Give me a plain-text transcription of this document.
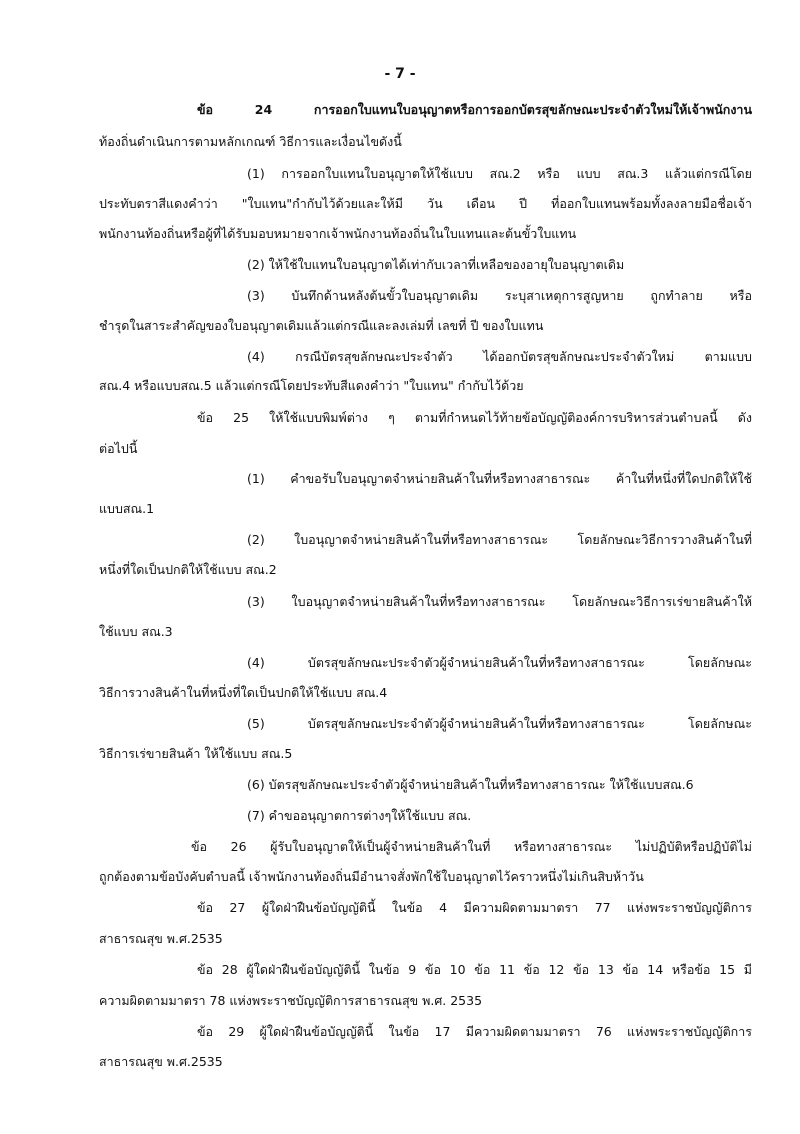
- 7 -
ข้อ 24 การออกใบแทนใบอนุญาตหรือการออกบัตรสุขลักษณะประจำตัวใหม่ให้เจ้าพนักงาน
ท้องถิ่นดำเนินการตามหลักเกณฑ์ วิธีการและเงื่อนไขดังนี้
(1) การออกใบแทนใบอนุญาตให้ใช้แบบ สณ.2 หรือ แบบ สณ.3 แล้วแต่กรณีโดย
ประทับตราสีแดงคำว่า "ใบแทน"กำกับไว้ด้วยและให้มี วัน เดือน ปี ที่ออกใบแทนพร้อมทั้งลงลายมือชื่อเจ้า
พนักงานท้องถิ่นหรือผู้ที่ได้รับมอบหมายจากเจ้าพนักงานท้องถิ่นในใบแทนและต้นขั้วใบแทน
(2) ให้ใช้ใบแทนใบอนุญาตได้เท่ากับเวลาที่เหลือของอายุใบอนุญาตเดิม
(3) บันทึกด้านหลังต้นขั้วใบอนุญาตเดิม ระบุสาเหตุการสูญหาย ถูกทำลาย หรือ
ชำรุดในสาระสำคัญของใบอนุญาตเดิมแล้วแต่กรณีและลงเล่มที่ เลขที่ ปี ของใบแทน
(4) กรณีบัตรสุขลักษณะประจำตัว ได้ออกบัตรสุขลักษณะประจำตัวใหม่ ตามแบบ
สณ.4 หรือแบบสณ.5 แล้วแต่กรณีโดยประทับสีแดงคำว่า "ใบแทน" กำกับไว้ด้วย
ข้อ 25 ให้ใช้แบบพิมพ์ต่าง ๆ ตามที่กำหนดไว้ท้ายข้อบัญญัติองค์การบริหารส่วนตำบลนี้ ดัง
ต่อไปนี้
(1) คำขอรับใบอนุญาตจำหน่ายสินค้าในที่หรือทางสาธารณะ ค้าในที่หนึ่งที่ใดปกติให้ใช้
แบบสณ.1
(2) ใบอนุญาตจำหน่ายสินค้าในที่หรือทางสาธารณะ โดยลักษณะวิธีการวางสินค้าในที่
หนึ่งที่ใดเป็นปกติให้ใช้แบบ สณ.2
(3) ใบอนุญาตจำหน่ายสินค้าในที่หรือทางสาธารณะ โดยลักษณะวิธีการเร่ขายสินค้าให้
ใช้แบบ สณ.3
(4) บัตรสุขลักษณะประจำตัวผู้จำหน่ายสินค้าในที่หรือทางสาธารณะ โดยลักษณะ
วิธีการวางสินค้าในที่หนึ่งที่ใดเป็นปกติให้ใช้แบบ สณ.4
(5) บัตรสุขลักษณะประจำตัวผู้จำหน่ายสินค้าในที่หรือทางสาธารณะ โดยลักษณะ
วิธีการเร่ขายสินค้า ให้ใช้แบบ สณ.5
(6) บัตรสุขลักษณะประจำตัวผู้จำหน่ายสินค้าในที่หรือทางสาธารณะ ให้ใช้แบบสณ.6
(7) คำขออนุญาตการต่างๆให้ใช้แบบ สณ.
ข้อ 26 ผู้รับใบอนุญาตให้เป็นผู้จำหน่ายสินค้าในที่ หรือทางสาธารณะ ไม่ปฏิบัติหรือปฏิบัติไม่
ถูกต้องตามข้อบังคับตำบลนี้ เจ้าพนักงานท้องถิ่นมีอำนาจสั่งพักใช้ใบอนุญาตไว้คราวหนึ่งไม่เกินสิบห้าวัน
ข้อ 27 ผู้ใดฝ่าฝืนข้อบัญญัตินี้ ในข้อ 4 มีความผิดตามมาตรา 77 แห่งพระราชบัญญัติการ
สาธารณสุข พ.ศ.2535
ข้อ 28 ผู้ใดฝ่าฝืนข้อบัญญัตินี้ ในข้อ 9 ข้อ 10 ข้อ 11 ข้อ 12 ข้อ 13 ข้อ 14 หรือข้อ 15 มี
ความผิดตามมาตรา 78 แห่งพระราชบัญญัติการสาธารณสุข พ.ศ. 2535
ข้อ 29 ผู้ใดฝ่าฝืนข้อบัญญัตินี้ ในข้อ 17 มีความผิดตามมาตรา 76 แห่งพระราชบัญญัติการ
สาธารณสุข พ.ศ.2535
